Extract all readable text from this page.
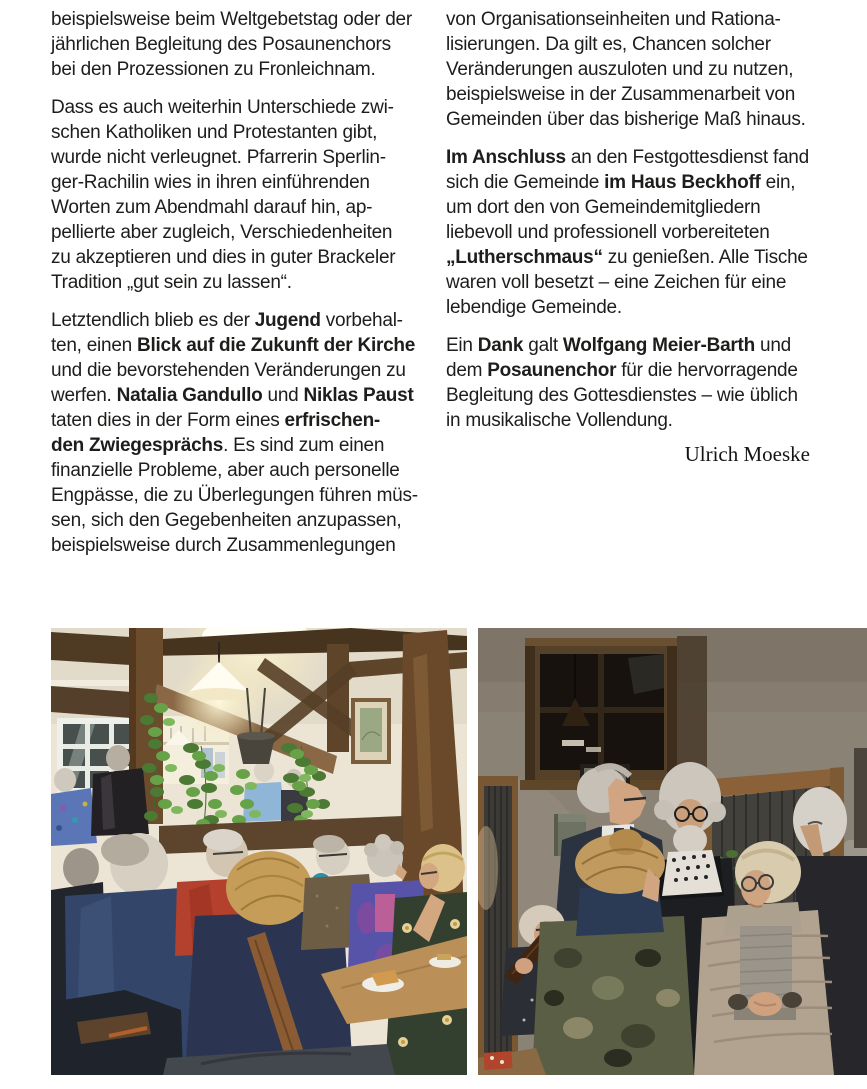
beispielsweise beim Weltgebetstag oder der
jährlichen Begleitung des Posaunenchors
bei den Prozessionen zu Fronleichnam.
Dass es auch weiterhin Unterschiede zwi-
schen Katholiken und Protestanten gibt,
wurde nicht verleugnet. Pfarrerin Sperlin-
ger-Rachilin wies in ihren einführenden
Worten zum Abendmahl darauf hin, ap-
pellierte aber zugleich, Verschiedenheiten
zu akzeptieren und dies in guter Brackeler
Tradition „gut sein zu lassen“.
Letztendlich blieb es der Jugend vorbehal-
ten, einen Blick auf die Zukunft der Kirche
und die bevorstehenden Veränderungen zu
werfen. Natalia Gandullo und Niklas Paust
taten dies in der Form eines erfrischen-
den Zwiegesprächs. Es sind zum einen
finanzielle Probleme, aber auch personelle
Engpässe, die zu Überlegungen führen müs-
sen, sich den Gegebenheiten anzupassen,
beispielsweise durch Zusammenlegungen
von Organisationseinheiten und Rationa-
lisierungen. Da gilt es, Chancen solcher
Veränderungen auszuloten und zu nutzen,
beispielsweise in der Zusammenarbeit von
Gemeinden über das bisherige Maß hinaus.
Im Anschluss an den Festgottesdienst fand
sich die Gemeinde im Haus Beckhoff ein,
um dort den von Gemeindemitgliedern
liebevoll und professionell vorbereiteten
„Lutherschmaus“ zu genießen. Alle Tische
waren voll besetzt – eine Zeichen für eine
lebendige Gemeinde.
Ein Dank galt Wolfgang Meier-Barth und
dem Posaunenchor für die hervorragende
Begleitung des Gottesdienstes – wie üblich
in musikalische Vollendung.
Ulrich Moeske
